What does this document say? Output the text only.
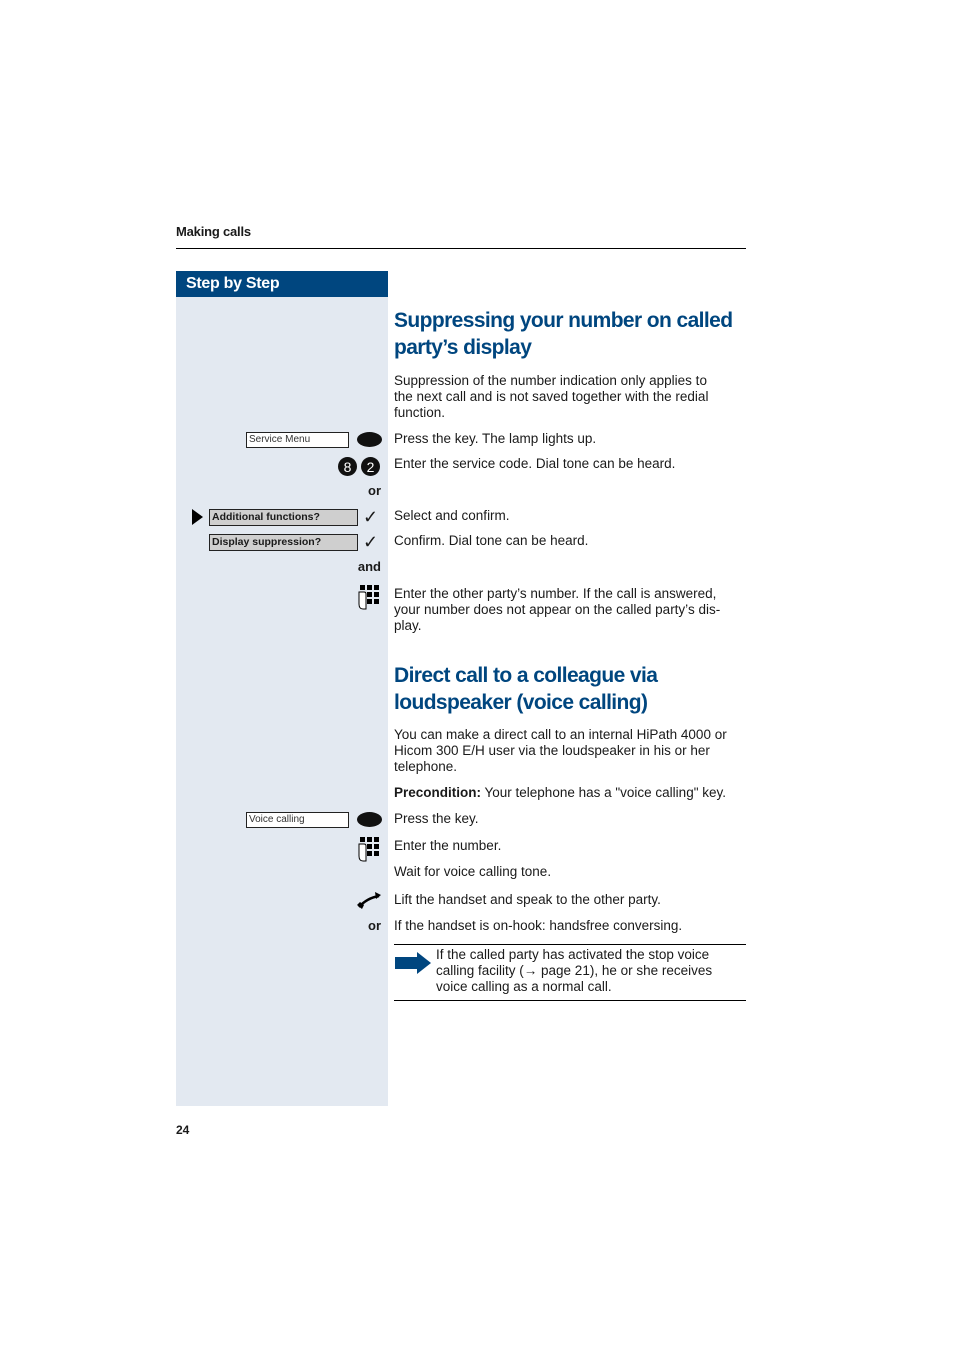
Making calls
Step by Step
Suppressing your number on called
party’s display
Suppression of the number indication only applies to
the next call and is not saved together with the redial
function.
Service Menu	Press the key. The lamp lights up.
8	2	Enter the service code. Dial tone can be heard.
or
Additional functions?	✓ Select and confirm.
Display suppression?	✓ Confirm. Dial tone can be heard.
and
Enter the other party’s number. If the call is answered,
your number does not appear on the called party’s dis-
play.
Direct call to a colleague via
loudspeaker (voice calling)
You can make a direct call to an internal HiPath 4000 or
Hicom 300 E/H user via the loudspeaker in his or her
telephone.
Precondition: Your telephone has a "voice calling" key.
Voice calling	Press the key.
Enter the number.
Wait for voice calling tone.
Lift the handset and speak to the other party.
or If the handset is on-hook: handsfree conversing.
If the called party has activated the stop voice
calling facility (→ page 21), he or she receives
voice calling as a normal call.
24
